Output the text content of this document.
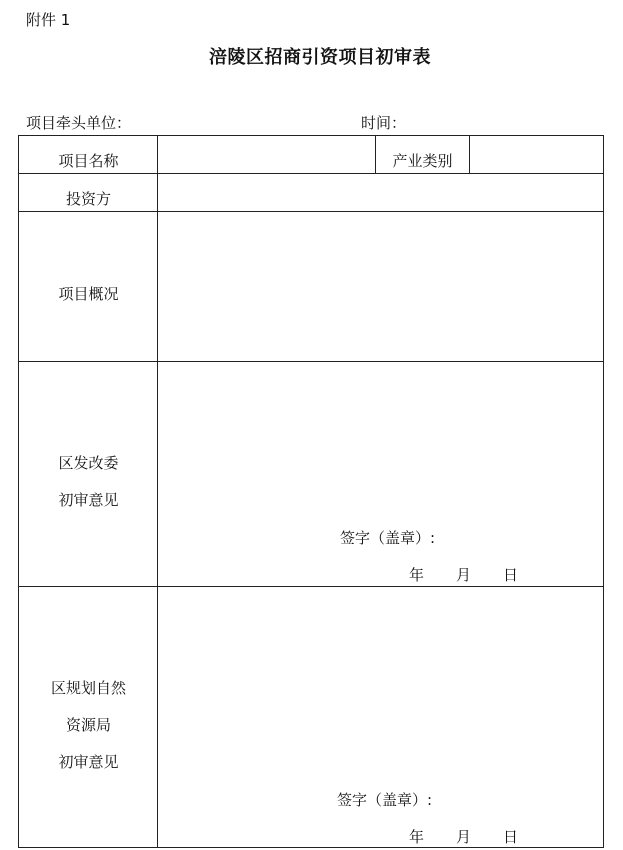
附件 1
涪陵区招商引资项目初审表
项目牵头单位：	时间：
项目名称	产业类别
投资方
项目概况
区发改委
初审意见
签字（盖章）:
年 月 日
区规划自然
资源局
初审意见
签字（盖章）:
年 月 日
